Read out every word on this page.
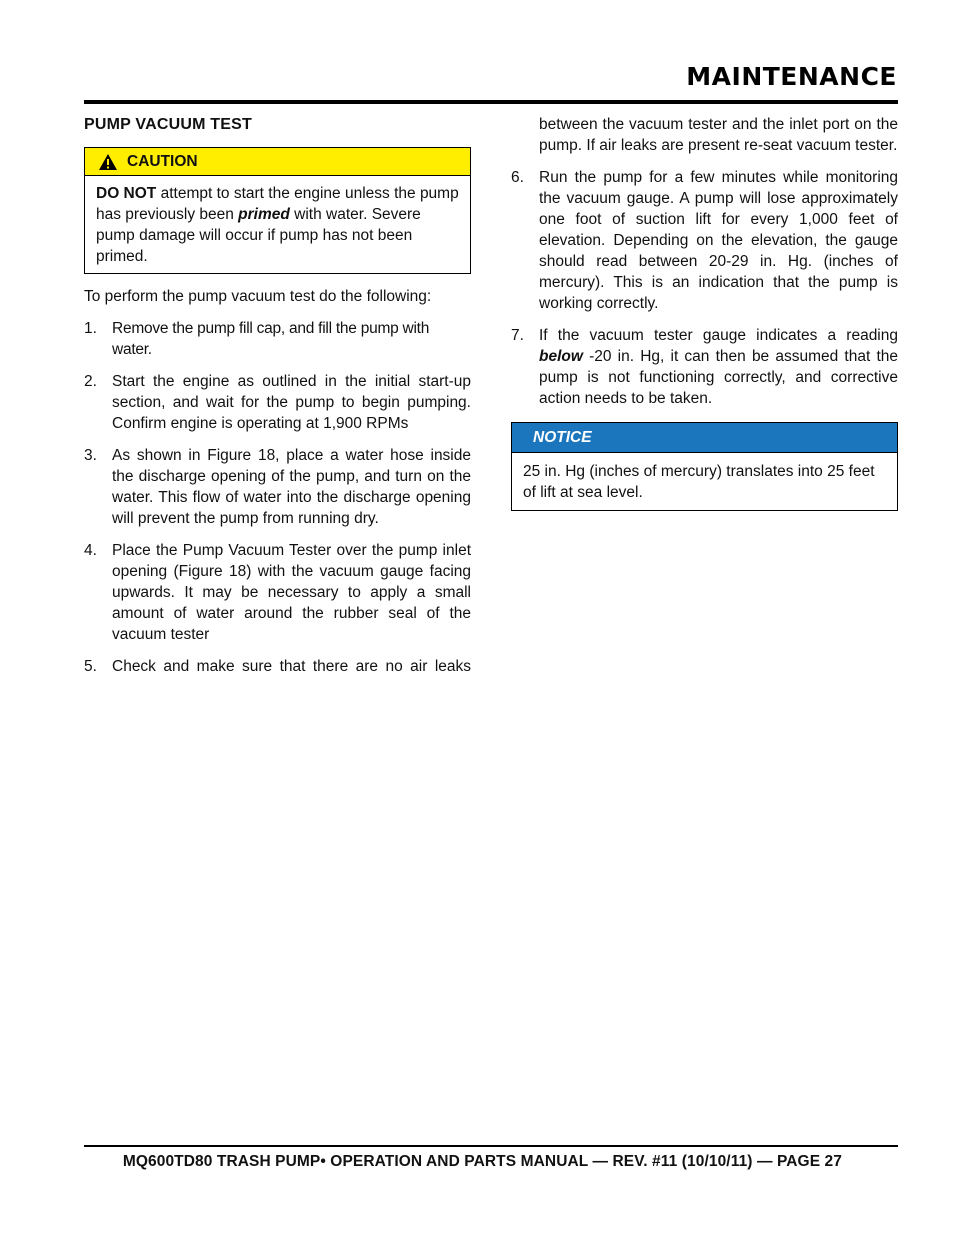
MAINTENANCE
PUMP VACUUM TEST
CAUTION
DO NOT attempt to start the engine unless the pump has previously been primed with water. Severe pump damage will occur if pump has not been primed.

To perform the pump vacuum test do the following:

1. Remove the pump fill cap, and fill the pump with water.
2. Start the engine as outlined in the initial start-up section, and wait for the pump to begin pumping. Confirm engine is operating at 1,900 RPMs
3. As shown in Figure 18, place a water hose inside the discharge opening of the pump, and turn on the water. This flow of water into the discharge opening will prevent the pump from running dry.
4. Place the Pump Vacuum Tester over the pump inlet opening (Figure 18) with the vacuum gauge facing upwards. It may be necessary to apply a small amount of water around the rubber seal of the vacuum tester
5. Check and make sure that there are no air leaks

between the vacuum tester and the inlet port on the pump. If air leaks are present re-seat vacuum tester.

6. Run the pump for a few minutes while monitoring the vacuum gauge. A pump will lose approximately one foot of suction lift for every 1,000 feet of elevation. Depending on the elevation, the gauge should read between 20-29 in. Hg. (inches of mercury). This is an indication that the pump is working correctly.
7. If the vacuum tester gauge indicates a reading below -20 in. Hg, it can then be assumed that the pump is not functioning correctly, and corrective action needs to be taken.
NOTICE
25 in. Hg (inches of mercury) translates into 25 feet of lift at sea level.
MQ600TD80 TRASH PUMP• OPERATION AND PARTS MANUAL — REV. #11 (10/10/11) — PAGE 27
